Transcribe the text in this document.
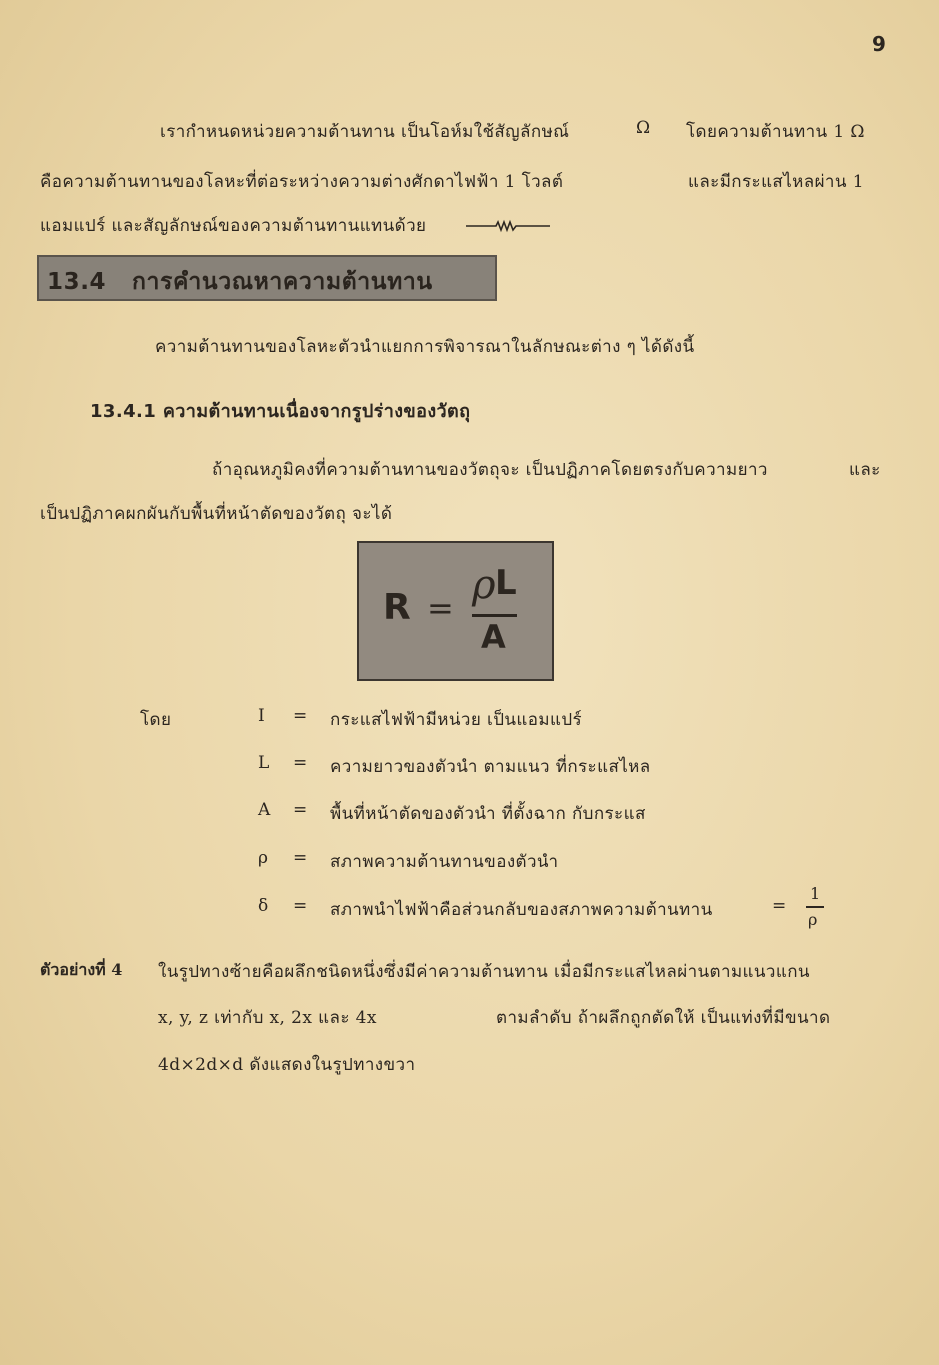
9
เรากำหนดหน่วยความต้านทาน เป็นโอห์มใช้สัญลักษณ์	Ω โดยความต้านทาน 1 Ω
คือความต้านทานของโลหะที่ต่อระหว่างความต่างศักดาไฟฟ้า 1 โวลต์	และมีกระแสไหลผ่าน 1
แอมแปร์ และสัญลักษณ์ของความต้านทานแทนด้วย
13.4 การคำนวณหาความต้านทาน
ความต้านทานของโลหะตัวนำแยกการพิจารณาในลักษณะต่าง ๆ ได้ดังนี้
13.4.1 ความต้านทานเนื่องจากรูปร่างของวัตถุ
ถ้าอุณหภูมิคงที่ความต้านทานของวัตถุจะ เป็นปฏิภาคโดยตรงกับความยาว	และ
เป็นปฏิภาคผกผันกับพื้นที่หน้าตัดของวัตถุ จะได้
R = ρ L
A
โดย	I = กระแสไฟฟ้ามีหน่วย เป็นแอมแปร์
L = ความยาวของตัวนำ ตามแนว ที่กระแสไหล
A = พื้นที่หน้าตัดของตัวนำ ที่ตั้งฉาก กับกระแส
ρ = สภาพความต้านทานของตัวนำ
δ = สภาพนำไฟฟ้าคือส่วนกลับของสภาพความต้านทาน	=
1
ρ
ตัวอย่างที่ 4 ในรูปทางซ้ายคือผลึกชนิดหนึ่งซึ่งมีค่าความต้านทาน เมื่อมีกระแสไหลผ่านตามแนวแกน
x, y, z เท่ากับ x, 2x และ 4x	ตามลำดับ ถ้าผลึกถูกตัดให้ เป็นแท่งที่มีขนาด
4d×2d×d ดังแสดงในรูปทางขวา
